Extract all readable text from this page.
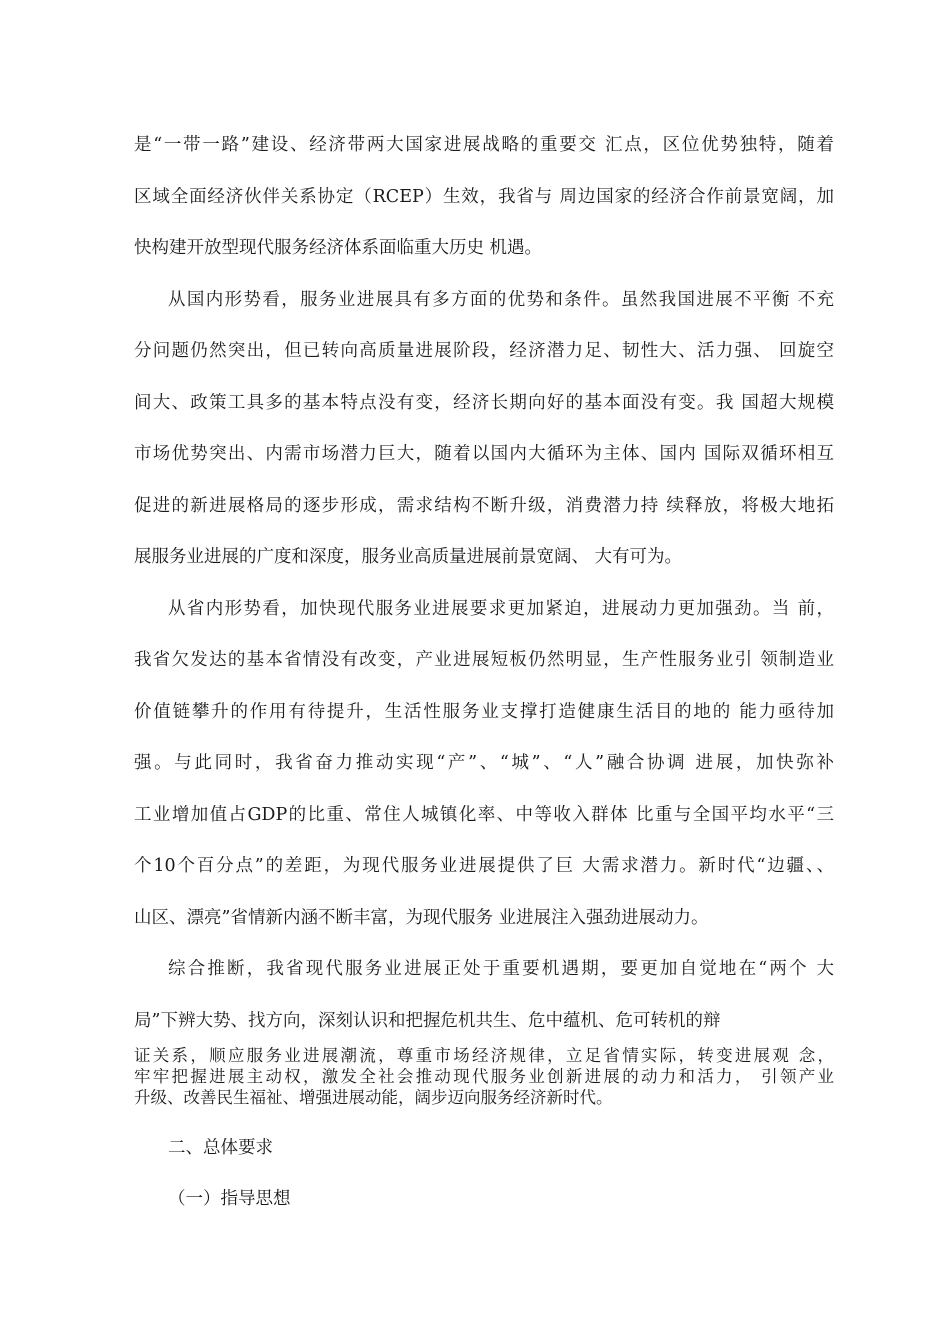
是“一带一路”建设、经济带两大国家进展战略的重要交 汇点，区位优势独特，随着
区域全面经济伙伴关系协定（RCEP）生效，我省与 周边国家的经济合作前景宽阔，加
快构建开放型现代服务经济体系面临重大历史 机遇。
从国内形势看，服务业进展具有多方面的优势和条件。虽然我国进展不平衡 不充
分问题仍然突出，但已转向高质量进展阶段，经济潜力足、韧性大、活力强、 回旋空
间大、政策工具多的基本特点没有变，经济长期向好的基本面没有变。我 国超大规模
市场优势突出、内需市场潜力巨大，随着以国内大循环为主体、国内 国际双循环相互
促进的新进展格局的逐步形成，需求结构不断升级，消费潜力持 续释放，将极大地拓
展服务业进展的广度和深度，服务业高质量进展前景宽阔、 大有可为。
从省内形势看，加快现代服务业进展要求更加紧迫，进展动力更加强劲。当 前，
我省欠发达的基本省情没有改变，产业进展短板仍然明显，生产性服务业引 领制造业
价值链攀升的作用有待提升，生活性服务业支撑打造健康生活目的地的 能力亟待加
强。与此同时，我省奋力推动实现“产”、“城”、“人”融合协调 进展，加快弥补
工业增加值占GDP的比重、常住人城镇化率、中等收入群体 比重与全国平均水平“三
个10个百分点”的差距，为现代服务业进展提供了巨 大需求潜力。新时代“边疆、、
山区、漂亮”省情新内涵不断丰富，为现代服务 业进展注入强劲进展动力。
综合推断，我省现代服务业进展正处于重要机遇期，要更加自觉地在“两个 大
局”下辨大势、找方向，深刻认识和把握危机共生、危中蕴机、危可转机的辩
证关系，顺应服务业进展潮流，尊重市场经济规律，立足省情实际，转变进展观 念，
牢牢把握进展主动权，激发全社会推动现代服务业创新进展的动力和活力， 引领产业
升级、改善民生福祉、增强进展动能，阔步迈向服务经济新时代。
二、总体要求
（一）指导思想
